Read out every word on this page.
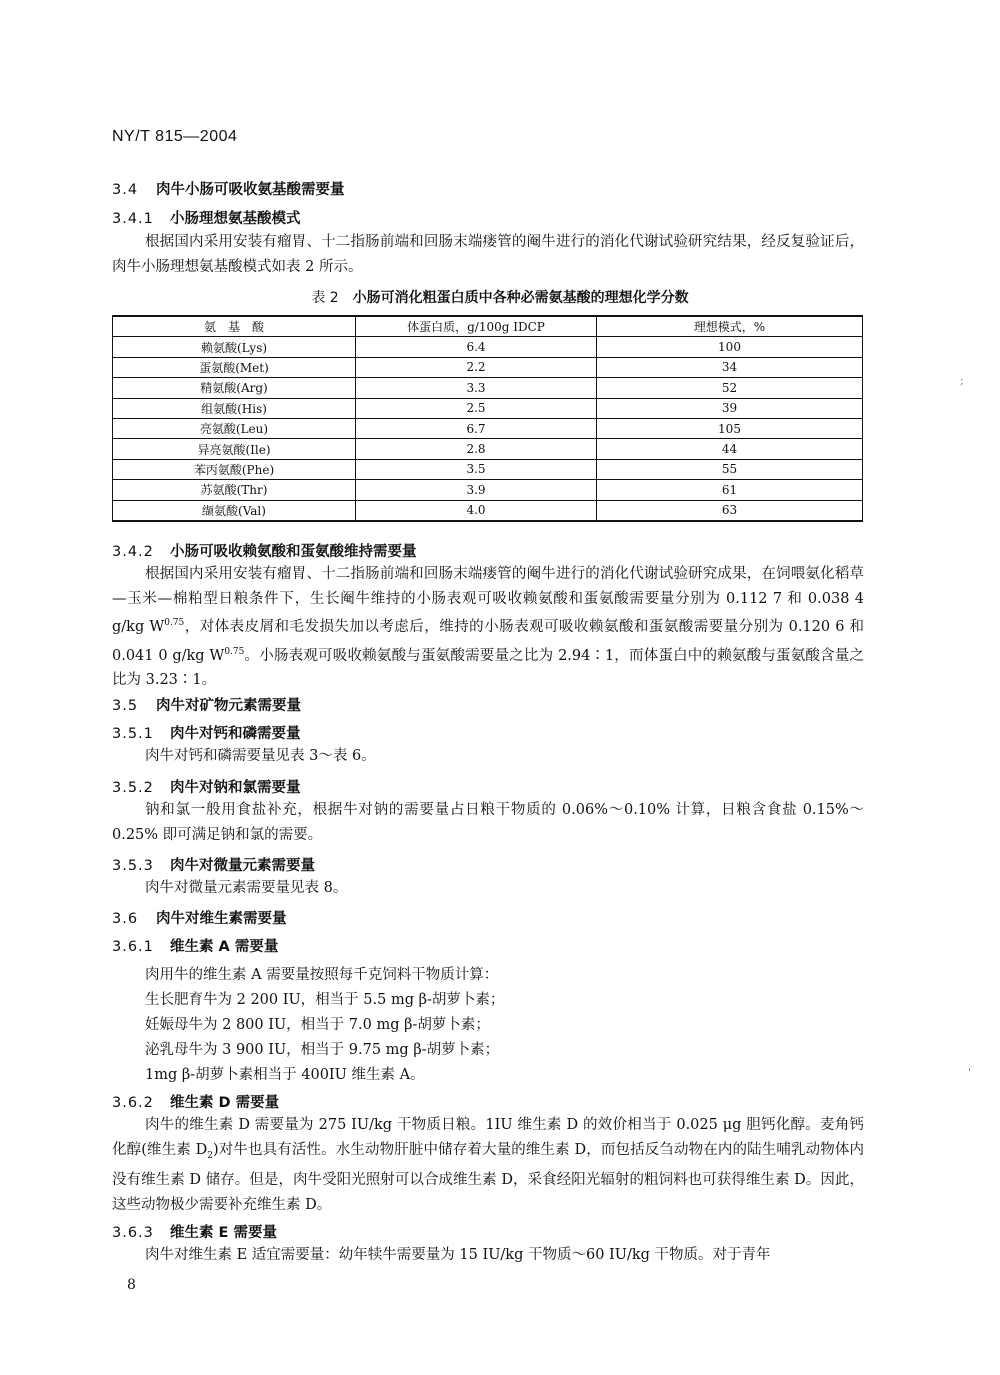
NY/T 815—2004
3.4 肉牛小肠可吸收氨基酸需要量
3.4.1 小肠理想氨基酸模式
根据国内采用安装有瘤胃、十二指肠前端和回肠末端瘘管的阉牛进行的消化代谢试验研究结果，经反复验证后，肉牛小肠理想氨基酸模式如表 2 所示。
表 2 小肠可消化粗蛋白质中各种必需氨基酸的理想化学分数
氨　基　酸	体蛋白质，g/100g IDCP	理想模式，%
赖氨酸(Lys)	6.4	100
蛋氨酸(Met)	2.2	34
精氨酸(Arg)	3.3	52
组氨酸(His)	2.5	39
亮氨酸(Leu)	6.7	105
异亮氨酸(Ile)	2.8	44
苯丙氨酸(Phe)	3.5	55
苏氨酸(Thr)	3.9	61
缬氨酸(Val)	4.0	63
3.4.2 小肠可吸收赖氨酸和蛋氨酸维持需要量
根据国内采用安装有瘤胃、十二指肠前端和回肠末端瘘管的阉牛进行的消化代谢试验研究成果，在饲喂氨化稻草—玉米—棉粕型日粮条件下，生长阉牛维持的小肠表观可吸收赖氨酸和蛋氨酸需要量分别为 0.112 7 和 0.038 4 g/kg $W^{0.75}$，对体表皮屑和毛发损失加以考虑后，维持的小肠表观可吸收赖氨酸和蛋氨酸需要量分别为 0.120 6 和 0.041 0 g/kg $W^{0.75}$。小肠表观可吸收赖氨酸与蛋氨酸需要量之比为 2.94∶1，而体蛋白中的赖氨酸与蛋氨酸含量之比为 3.23∶1。
3.5 肉牛对矿物元素需要量
3.5.1 肉牛对钙和磷需要量
肉牛对钙和磷需要量见表 3～表 6。
3.5.2 肉牛对钠和氯需要量
钠和氯一般用食盐补充，根据牛对钠的需要量占日粮干物质的 0.06%～0.10% 计算，日粮含食盐 0.15%～0.25% 即可满足钠和氯的需要。
3.5.3 肉牛对微量元素需要量
肉牛对微量元素需要量见表 8。
3.6 肉牛对维生素需要量
3.6.1 维生素 A 需要量
肉用牛的维生素 A 需要量按照每千克饲料干物质计算：
生长肥育牛为 2 200 IU，相当于 5.5 mg β-胡萝卜素；
妊娠母牛为 2 800 IU，相当于 7.0 mg β-胡萝卜素；
泌乳母牛为 3 900 IU，相当于 9.75 mg β-胡萝卜素；
1mg β-胡萝卜素相当于 400IU 维生素 A。
3.6.2 维生素 D 需要量
肉牛的维生素 D 需要量为 275 IU/kg 干物质日粮。1IU 维生素 D 的效价相当于 0.025 μg 胆钙化醇。麦角钙化醇(维生素 $D_2$)对牛也具有活性。水生动物肝脏中储存着大量的维生素 D，而包括反刍动物在内的陆生哺乳动物体内没有维生素 D 储存。但是，肉牛受阳光照射可以合成维生素 D，采食经阳光辐射的粗饲料也可获得维生素 D。因此，这些动物极少需要补充维生素 D。
3.6.3 维生素 E 需要量
肉牛对维生素 E 适宜需要量：幼年犊牛需要量为 15 IU/kg 干物质～60 IU/kg 干物质。对于青年
8
;
'
